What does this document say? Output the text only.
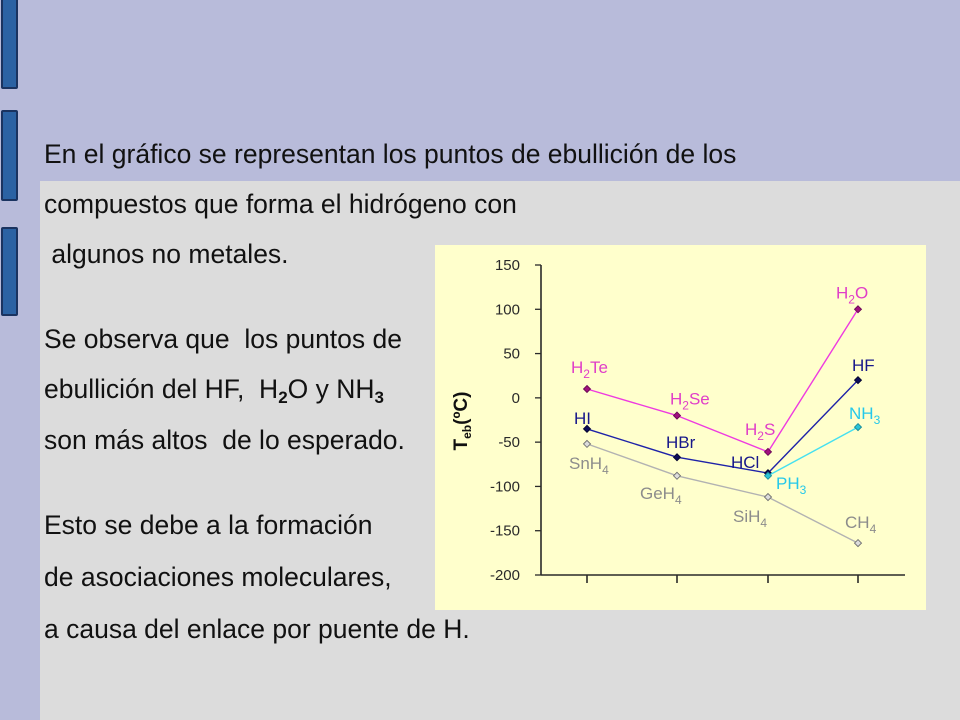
En el gráfico se representan los puntos de ebullición de los
compuestos que forma el hidrógeno con
algunos no metales.
Se observa que  los puntos de
ebullición del HF,  $H_2O$ y $NH_3$
son más altos  de lo esperado.
Esto se debe a la formación
de asociaciones moleculares,
a causa del enlace por puente de H.
150
100
50
0
-50
-100
-150
-200
$H_2Te$
$H_2Se$
$H_2S$
$H_2O$
HI
HBr
HCl
HF
$PH_3$
$NH_3$
SnH$_4$
GeH$_4$
SiH$_4$	$CH_4$
$T_{eb}(ºC)$
